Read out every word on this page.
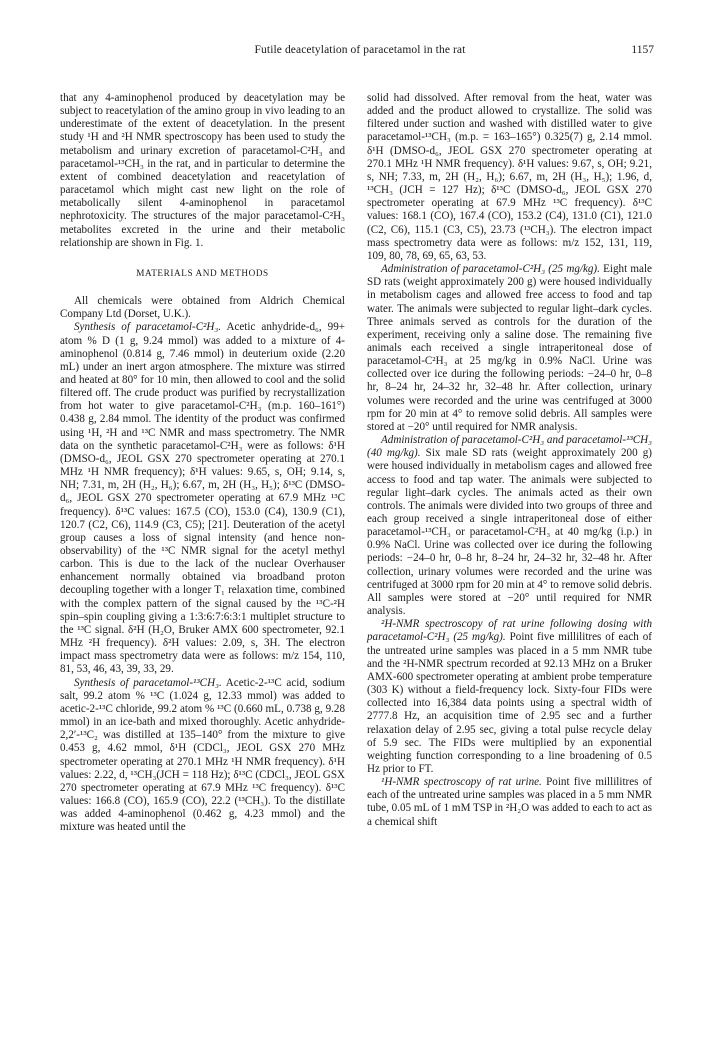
Futile deacetylation of paracetamol in the rat	1157

that any 4-aminophenol produced by deacetylation may be subject to reacetylation of the amino group in vivo leading to an underestimate of the extent of deacetylation. In the present study ¹H and ²H NMR spectroscopy has been used to study the metabolism and urinary excretion of paracetamol-C²H₃ and paracetamol-¹³CH₃ in the rat, and in particular to determine the extent of combined deacetylation and reacetylation of paracetamol which might cast new light on the role of metabolically silent 4-aminophenol in paracetamol nephrotoxicity. The structures of the major paracetamol-C²H₃ metabolites excreted in the urine and their metabolic relationship are shown in Fig. 1.

MATERIALS AND METHODS

All chemicals were obtained from Aldrich Chemical Company Ltd (Dorset, U.K.).

Synthesis of paracetamol-C²H₃. Acetic anhydride-d₆, 99+ atom % D (1 g, 9.24 mmol) was added to a mixture of 4-aminophenol (0.814 g, 7.46 mmol) in deuterium oxide (2.20 mL) under an inert argon atmosphere. The mixture was stirred and heated at 80° for 10 min, then allowed to cool and the solid filtered off. The crude product was purified by recrystallization from hot water to give paracetamol-C²H₃ (m.p. 160–161°) 0.438 g, 2.84 mmol. The identity of the product was confirmed using ¹H, ²H and ¹³C NMR and mass spectrometry. The NMR data on the synthetic paracetamol-C²H₃ were as follows: δ¹H (DMSO-d₆, JEOL GSX 270 spectrometer operating at 270.1 MHz ¹H NMR frequency); δ¹H values: 9.65, s, OH; 9.14, s, NH; 7.31, m, 2H (H₂, H₆); 6.67, m, 2H (H₃, H₅); δ¹³C (DMSO-d₆, JEOL GSX 270 spectrometer operating at 67.9 MHz ¹³C frequency). δ¹³C values: 167.5 (CO), 153.0 (C4), 130.9 (C1), 120.7 (C2, C6), 114.9 (C3, C5); [21]. Deuteration of the acetyl group causes a loss of signal intensity (and hence non-observability) of the ¹³C NMR signal for the acetyl methyl carbon. This is due to the lack of the nuclear Overhauser enhancement normally obtained via broadband proton decoupling together with a longer T₁ relaxation time, combined with the complex pattern of the signal caused by the ¹³C-²H spin–spin coupling giving a 1:3:6:7:6:3:1 multiplet structure to the ¹³C signal. δ²H (H₂O, Bruker AMX 600 spectrometer, 92.1 MHz ²H frequency). δ²H values: 2.09, s, 3H. The electron impact mass spectrometry data were as follows: m/z 154, 110, 81, 53, 46, 43, 39, 33, 29.

Synthesis of paracetamol-¹³CH₃. Acetic-2-¹³C acid, sodium salt, 99.2 atom % ¹³C (1.024 g, 12.33 mmol) was added to acetic-2-¹³C chloride, 99.2 atom % ¹³C (0.660 mL, 0.738 g, 9.28 mmol) in an ice-bath and mixed thoroughly. Acetic anhydride-2,2′-¹³C₂ was distilled at 135–140° from the mixture to give 0.453 g, 4.62 mmol, δ¹H (CDCl₃, JEOL GSX 270 MHz spectrometer operating at 270.1 MHz ¹H NMR frequency). δ¹H values: 2.22, d, ¹³CH₃(JCH = 118 Hz); δ¹³C (CDCl₃, JEOL GSX 270 spectrometer operating at 67.9 MHz ¹³C frequency). δ¹³C values: 166.8 (CO), 165.9 (CO), 22.2 (¹³CH₃). To the distillate was added 4-aminophenol (0.462 g, 4.23 mmol) and the mixture was heated until the

solid had dissolved. After removal from the heat, water was added and the product allowed to crystallize. The solid was filtered under suction and washed with distilled water to give paracetamol-¹³CH₃ (m.p. = 163–165°) 0.325(7) g, 2.14 mmol. δ¹H (DMSO-d₆, JEOL GSX 270 spectrometer operating at 270.1 MHz ¹H NMR frequency). δ¹H values: 9.67, s, OH; 9.21, s, NH; 7.33, m, 2H (H₂, H₆); 6.67, m, 2H (H₃, H₅); 1.96, d, ¹³CH₃ (JCH = 127 Hz); δ¹³C (DMSO-d₆, JEOL GSX 270 spectrometer operating at 67.9 MHz ¹³C frequency). δ¹³C values: 168.1 (CO), 167.4 (CO), 153.2 (C4), 131.0 (C1), 121.0 (C2, C6), 115.1 (C3, C5), 23.73 (¹³CH₃). The electron impact mass spectrometry data were as follows: m/z 152, 131, 119, 109, 80, 78, 69, 65, 63, 53.

Administration of paracetamol-C²H₃ (25 mg/kg). Eight male SD rats (weight approximately 200 g) were housed individually in metabolism cages and allowed free access to food and tap water. The animals were subjected to regular light–dark cycles. Three animals served as controls for the duration of the experiment, receiving only a saline dose. The remaining five animals each received a single intraperitoneal dose of paracetamol-C²H₃ at 25 mg/kg in 0.9% NaCl. Urine was collected over ice during the following periods: −24–0 hr, 0–8 hr, 8–24 hr, 24–32 hr, 32–48 hr. After collection, urinary volumes were recorded and the urine was centrifuged at 3000 rpm for 20 min at 4° to remove solid debris. All samples were stored at −20° until required for NMR analysis.

Administration of paracetamol-C²H₃ and paracetamol-¹³CH₃ (40 mg/kg). Six male SD rats (weight approximately 200 g) were housed individually in metabolism cages and allowed free access to food and tap water. The animals were subjected to regular light–dark cycles. The animals acted as their own controls. The animals were divided into two groups of three and each group received a single intraperitoneal dose of either paracetamol-¹³CH₃ or paracetamol-C²H₃ at 40 mg/kg (i.p.) in 0.9% NaCl. Urine was collected over ice during the following periods: −24–0 hr, 0–8 hr, 8–24 hr, 24–32 hr, 32–48 hr. After collection, urinary volumes were recorded and the urine was centrifuged at 3000 rpm for 20 min at 4° to remove solid debris. All samples were stored at −20° until required for NMR analysis.

²H-NMR spectroscopy of rat urine following dosing with paracetamol-C²H₃ (25 mg/kg). Point five millilitres of each of the untreated urine samples was placed in a 5 mm NMR tube and the ²H-NMR spectrum recorded at 92.13 MHz on a Bruker AMX-600 spectrometer operating at ambient probe temperature (303 K) without a field-frequency lock. Sixty-four FIDs were collected into 16,384 data points using a spectral width of 2777.8 Hz, an acquisition time of 2.95 sec and a further relaxation delay of 2.95 sec, giving a total pulse recycle delay of 5.9 sec. The FIDs were multiplied by an exponential weighting function corresponding to a line broadening of 0.5 Hz prior to FT.

¹H-NMR spectroscopy of rat urine. Point five millilitres of each of the untreated urine samples was placed in a 5 mm NMR tube, 0.05 mL of 1 mM TSP in ²H₂O was added to each to act as a chemical shift
